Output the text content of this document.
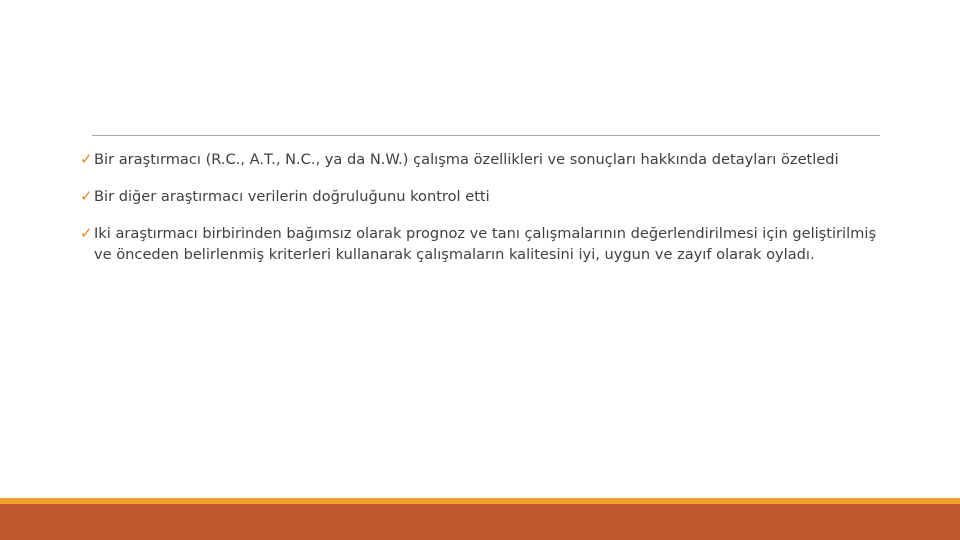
✓ Bir araştırmacı (R.C., A.T., N.C., ya da N.W.) çalışma özellikleri ve sonuçları hakkında detayları özetledi
✓ Bir diğer araştırmacı verilerin doğruluğunu kontrol etti
✓ Iki araştırmacı birbirinden bağımsız olarak prognoz ve tanı çalışmalarının değerlendirilmesi için geliştirilmiş ve önceden belirlenmiş kriterleri kullanarak çalışmaların kalitesini iyi, uygun ve zayıf olarak oyladı.
